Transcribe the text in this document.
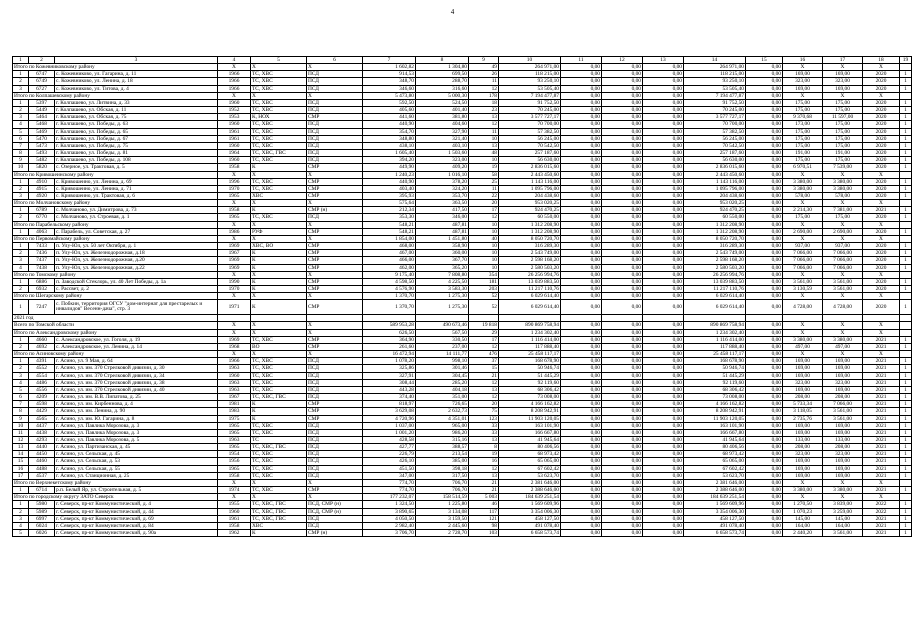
4
1	2	3	4	5	6	7	8	9	10	11	12	13	14	15	16	17	18	19
Итого по Кожевниковскому району			X	X	X	1 602,82	1 304,80	49	264 971,00	0,00	0,00	0,00	264 971,00	0,00	X	X	X	
1	6747	с. Кожевниково, ул. Гагарина, д. 11	1966	ТС, ХВС	ПСД	914,53	699,50	26	118 215,00	0,00	0,00	0,00	118 215,00	0,00	169,00	169,00	2020	1
2	6749	с. Кожевниково, ул. Ленина, д. 18	1966	ТС, ХВС	ПСД	348,70	288,70	11	93 250,10	0,00	0,00	0,00	93 250,10	0,00	323,00	323,00	2020	1
3	6727	с. Кожевниково, ул. Титова, д. 4	1966	ТС, ХВС	ПСД	346,60	316,60	12	53 505,40	0,00	0,00	0,00	53 505,40	0,00	169,00	169,00	2020	1
Итого по Колпашевскому району			X	X	X	5 473,80	5 000,30	178	7 194 477,87	0,00	0,00	0,00	7 194 477,87	0,00	X	X	X	
1	5397	г. Колпашево, ул. Литвина, д. 33	1960	ТС, ХВС	ПСД	592,50	524,50	18	91 752,50	0,00	0,00	0,00	91 752,50	0,00	175,00	175,00	2020	1
2	5449	г. Колпашево, ул. Обская, д. 11	1952	ТС, ХВС	ПСД	405,60	401,40	23	70 245,00	0,00	0,00	0,00	70 245,00	0,00	175,00	175,00	2020	1
3	5464	г. Колпашево, ул. Обская, д. 75	1953	К, НОХ	СМР	441,60	381,80	13	3 577 727,17	0,00	0,00	0,00	3 577 727,17	0,00	9 370,68	11 597,00	2020	1
4	5468	г. Колпашево, ул. Победы, д. 63	1960	ТС, ХВС	ПСД	440,90	404,60	12	70 700,00	0,00	0,00	0,00	70 700,00	0,00	173,00	175,00	2020	1
5	5469	г. Колпашево, ул. Победы, д. 65	1961	ТС, ХВС	ПСД	354,70	327,90	11	57 382,50	0,00	0,00	0,00	57 382,50	0,00	175,00	175,00	2020	1
6	5470	г. Колпашево, ул. Победы, д. 67	1961	ТС, ХВС	ПСД	348,80	321,40	10	56 245,00	0,00	0,00	0,00	56 245,00	0,00	175,00	175,00	2020	1
7	5473	г. Колпашево, ул. Победы, д. 75	1960	ТС, ХВС	ПСД	438,10	403,10	13	70 542,50	0,00	0,00	0,00	70 542,50	0,00	175,00	175,00	2020	1
8	5493	г. Колпашево, ул. Победы, д. 81	1964	ТС, ХВС, ГВС	ПСД	1 605,40	1 503,60	48	257 187,60	0,00	0,00	0,00	257 187,60	0,00	191,00	191,00	2020	1
9	5482	г. Колпашево, ул. Победы, д. 108	1960	ТС, ХВС	ПСД	394,20	323,00	10	56 630,00	0,00	0,00	0,00	56 630,00	0,00	175,00	175,00	2020	1
10	5820	с. Озерное, ул. Трактовая, д. 5	1958	К	СМР	449,90	409,20	19	2 836 015,60	0,00	0,00	0,00	2 836 015,60	0,00	6 970,51	7 539,00	2020	1
Итого по Кривошеинскому району			X	X	X	1 240,23	1 016,10	58	2 443 450,60	0,00	0,00	0,00	2 443 450,60	0,00	X	X	X	
1	4910	с. Кривошеино, ул. Ленина, д. 69	1996	ТС, ХВС	СМР	440,90	378,20	25	1 143 116,00	0,00	0,00	0,00	1 143 116,00	0,00	3 380,00	3 380,00	2020	1
2	4915	с. Кривошеино, ул. Ленина, д. 71	1970	ТС, ХВС	СМР	403,40	324,20	11	1 095 796,00	0,00	0,00	0,00	1 095 796,00	0,00	3 380,00	3 380,00	2020	1
3	4920	с. Кривошеино, ул. Трактовая, д. 6	1965	ХВС	СМР	395,93	353,70	22	204 438,60	0,00	0,00	0,00	204 438,60	0,00	578,00	578,00	2020	1
Итого по Молчановскому району			X	X	X	575,64	363,50	20	953 020,25	0,00	0,00	0,00	953 020,25	0,00	X	X	X	
1	6789	с. Молчаново, ул. Димитрова, д. 73	1958	К	СМР (н)	212,34	417,50	17	924 470,25	0,00	0,00	0,00	924 470,25	0,00	2 214,30	7 381,00	2021	1
2	6770	с. Молчаново, ул. Строевая, д. 1	1965	ТС, ХВС	ПСД	353,30	346,00	12	60 550,00	0,00	0,00	0,00	60 550,00	0,00	175,00	175,00	2020	1
Итого по Парабельскому району			X	X	X	548,21	487,81	10	1 312 208,90	0,00	0,00	0,00	1 312 208,90	0,00	X	X	X	
1	4063	с. Парабель, ул. Советская, д. 27	1986	РУФ	СМР	548,21	487,81	10	1 312 208,90	0,00	0,00	0,00	1 312 208,90	0,00	2 690,00	2 690,00	2020	1
Итого по Первомайскому району			X	X	X	1 854,00	1 451,80	40	8 050 720,70	0,00	0,00	0,00	8 050 720,70	0,00	X	X	X	
1	7433	п. Улу-Юл, ул. 50 лет Октября, д. 1	1969	ХВС, ВО	СМР	468,00	358,90	10	316 289,30	0,00	0,00	0,00	316 289,30	0,00	937,00	937,00	2020	1
2	7436	п. Улу-Юл, ул. Железнодорожная, д.18	1967	К	СМР	467,00	360,00	10	2 543 749,00	0,00	0,00	0,00	2 543 749,00	0,00	7 066,00	7 066,00	2020	1
3	7437	п. Улу-Юл, ул. Железнодорожная, д.20	1969	К	СМР	466,00	367,70	10	2 598 168,20	0,00	0,00	0,00	2 598 168,20	0,00	7 066,00	7 066,00	2020	1
4	7438	п. Улу-Юл, ул. Железнодорожная, д.22	1969	К	СМР	462,00	365,20	10	2 580 503,20	0,00	0,00	0,00	2 580 503,20	0,00	7 066,00	7 066,00	2020	1
Итого по Томскому району			X	X	X	9 175,40	7 808,80	354	26 256 994,76	0,00	0,00	0,00	26 256 994,76	0,00	X	X	X	
1	6886	п. Заводской Стеклорь, ул. 40 Лет Победы, д. 1а	1990	К	СМР	4 598,50	4 225,50	181	13 039 883,50	0,00	0,00	0,00	13 039 883,50	0,00	3 561,00	3 561,00	2020	1
2	6932	с. Рассвет, д. 2	1970	К	СМР	4 576,90	3 583,30	203	11 217 110,76	0,00	0,00	0,00	11 217 110,76	0,00	3 130,59	3 561,00	2020	1
Итого по Шегарскому району			X	X	X	1 370,70	1 275,30	52	6 029 614,40	0,00	0,00	0,00	6 029 614,40	0,00	X	X	X	
1	7247	с. Побкин, территория ОГСУ "дом-интернат для престарелых и инвалидов" Весенн-дача", стр. 3	1971	К	СМР	1 370,70	1 275,30	52	6 029 614,40	0,00	0,00	0,00	6 029 614,40	0,00	4 728,00	4 728,00	2020	1
2021 год																		
Всего по Томской области			X	X	X	589 953,28	490 673,46	19 818	890 869 758,94	0,00	0,00	0,00	890 869 758,94	0,00	X	X	X	
Итого по Александровскому району			X	X	X	626,50	567,50	29	1 234 302,40	0,00	0,00	0,00	1 234 302,40	0,00	X	X	X	
1	4660	с. Александровское, ул. Гоголя, д. 19	1969	ТС, ХВС	СМР	364,90	330,50	17	1 116 414,00	0,00	0,00	0,00	1 116 414,00	0,00	3 380,00	3 380,00	2021	1
2	4692	с. Александровское, ул. Ленина, д. 14	1968	ВО	СМР	261,60	237,00	12	117 888,40	0,00	0,00	0,00	117 888,40	0,00	497,00	497,00	2021	1
Итого по Асиновскому району			X	X	X	16 472,94	14 111,77	476	25 458 117,17	0,00	0,00	0,00	25 458 117,17	0,00	X	X	X	
1	4391	г. Асино, ул. 9 Мая, д. 64	1966	ТС, ХВС	ПСД	1 078,20	998,10	37	168 678,90	0,00	0,00	0,00	168 678,90	0,00	169,00	169,00	2021	1
2	4552	г. Асино, ул. им. 370 Стрелковой дивизии, д. 30	1963	ТС, ХВС	ПСД	325,86	301,46	15	50 946,74	0,00	0,00	0,00	50 946,74	0,00	169,00	169,00	2021	1
3	4554	г. Асино, ул. им. 370 Стрелковой дивизии, д. 34	1960	ТС, ХВС	ПСД	327,91	304,45	21	51 445,29	0,00	0,00	0,00	51 445,29	0,00	169,00	169,00	2021	1
4	4486	г. Асино, ул. им. 370 Стрелковой дивизии, д. 38	1963	ТС, ХВС	ПСД	308,44	285,20	12	92 119,60	0,00	0,00	0,00	92 119,60	0,00	323,00	323,00	2021	1
5	4556	г. Асино, ул. им. 370 Стрелковой дивизии, д. 40	1963	ТС, ХВС	ПСД	443,28	404,18	13	68 306,42	0,00	0,00	0,00	68 306,42	0,00	169,00	169,00	2021	1
6	4209	г. Асино, ул. им. В.В. Липатова, д. 25	1967	ТС, ХВС, ГВС	ПСД	374,40	351,00	12	73 008,00	0,00	0,00	0,00	73 008,00	0,00	208,00	208,00	2021	1
7	4598	г. Асино, ул. им. Кирбеннова, д. 4	1981	К	СМР	818,97	726,65	20	4 166 162,82	0,00	0,00	0,00	4 166 162,82	0,00	5 733,34	7 066,00	2021	1
8	4429	г. Асино, ул. им. Ленина, д. 90	1983	К	СМР	3 629,08	2 632,73	75	8 208 942,91	0,00	0,00	0,00	8 208 942,91	0,00	3 118,05	3 561,00	2021	1
9	4565	г. Асино, ул. им. Ю. Гагарина, д. 8	1975	К	СМР	4 720,96	4 351,01	123	11 903 120,05	0,00	0,00	0,00	11 903 120,05	0,00	2 735,76	3 561,00	2021	1
10	4437	г. Асино, ул. Павлика Морозова, д. 3	1965	ТС, ХВС	ПСД	1 037,00	965,00	33	163 101,90	0,00	0,00	0,00	163 101,90	0,00	169,00	169,00	2021	1
11	4438	г. Асино, ул. Павлика Морозова, д. 3	1965	ТС, ХВС	ПСД	1 001,20	986,20	33	166 667,80	0,00	0,00	0,00	166 667,80	0,00	169,00	169,00	2021	1
12	4293	г. Асино, ул. Павлика Морозова, д. 5	1963	ТС	ПСД	428,58	315,16	13	41 945,64	0,00	0,00	0,00	41 945,64	0,00	133,00	133,00	2021	1
13	4440	г. Асино, ул. Партизанская, д. 45	1965	ТС, ХВС, ГВС	ПСД	427,77	388,57	8	80 406,56	0,00	0,00	0,00	80 406,56	0,00	208,00	208,00	2021	1
14	4450	г. Асино, ул. Сельская, д. 45	1954	ТС, ХВС	ПСД	226,79	213,54	19	68 973,42	0,00	0,00	0,00	68 973,42	0,00	323,00	323,00	2021	1
15	4460	г. Асино, ул. Сельская, д. 53	1956	ТС, ХВС	ПСД	426,10	385,00	16	65 065,00	0,00	0,00	0,00	65 065,00	0,00	169,00	169,00	2021	1
16	4488	г. Асино, ул. Сельская, д. 55	1965	ТС, ХВС	ПСД	451,50	398,18	12	67 602,42	0,00	0,00	0,00	67 602,42	0,00	169,00	169,00	2021	1
17	4537	г. Асино, ул. Станционная, д. 25	1958	ТС, ХВС	ПСД	347,00	317,50	13	53 623,70	0,00	0,00	0,00	53 623,70	0,00	169,00	169,00	2021	1
Итого по Верхнекетскому району			X	X	X	774,70	706,70	21	2 381 646,00	0,00	0,00	0,00	2 381 646,00	0,00	X	X	X	
1	6714	р.п. Белый Яр, ул. Строительная, д. 5	1974	ТС, ХВС	СМР	774,70	706,70	21	2 388 646,00	0,00	0,00	0,00	2 388 646,00	0,00	3 380,00	3 380,00	2021	1
Итого по городскому округу ЗАТО Северск			X	X	X	177 232,07	158 514,59	5 003	184 639 251,54	0,00	0,00	0,00	184 639 251,54	0,00	X	X	X	
1	5980	г. Северск, пр-кт Коммунистический, д. 4	1955	ТС, ХВС, ГВС	ПСД, СМР (н)	1 324,50	1 225,80	46	1 569 609,96	0,00	0,00	0,00	1 569 609,96	0,00	1 270,50	3 839,00	2022	1
2	5989	г. Северск, пр-кт Коммунистический, д. 44	1960	ТС, ХВС, ГВС	ПСД, СМР (н)	3 890,65	3 134,08	117	3 354 006,30	0,00	0,00	0,00	3 354 006,30	0,00	1 070,23	3 259,00	2022	1
3	6997	г. Северск, пр-кт Коммунистический, д. 69	1961	ТС, ХВС, ГВС	ПСД	4 050,50	3 159,50	121	458 127,50	0,00	0,00	0,00	458 127,50	0,00	145,00	145,00	2021	1
4	6024	г. Северск, пр-кт Коммунистический, д. 84	1958	ХВС	ПСД	2 982,40	2 445,60	98	491 078,40	0,00	0,00	0,00	491 078,40	0,00	164,00	164,00	2021	1
5	6026	г. Северск, пр-кт Коммунистический, д. 90а	1962	К	СМР (н)	3 706,70	2 728,70	103	6 658 573,74	0,00	0,00	0,00	6 658 573,74	0,00	2 440,20	3 561,00	2021	1
